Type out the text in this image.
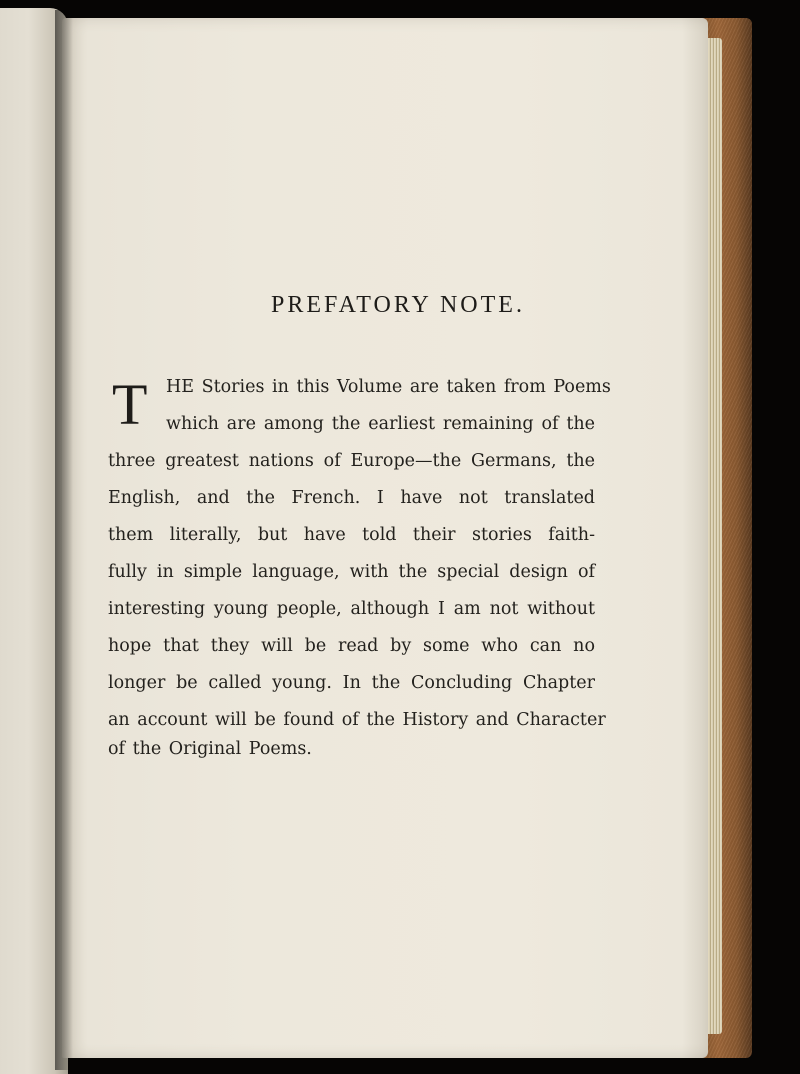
PREFATORY NOTE.
T HE Stories in this Volume are taken from Poems
which are among the earliest remaining of the
three greatest nations of Europe—the Germans, the
English, and the French. I have not translated
them literally, but have told their stories faith-
fully in simple language, with the special design of
interesting young people, although I am not without
hope that they will be read by some who can no
longer be called young. In the Concluding Chapter
an account will be found of the History and Character
of the Original Poems.
